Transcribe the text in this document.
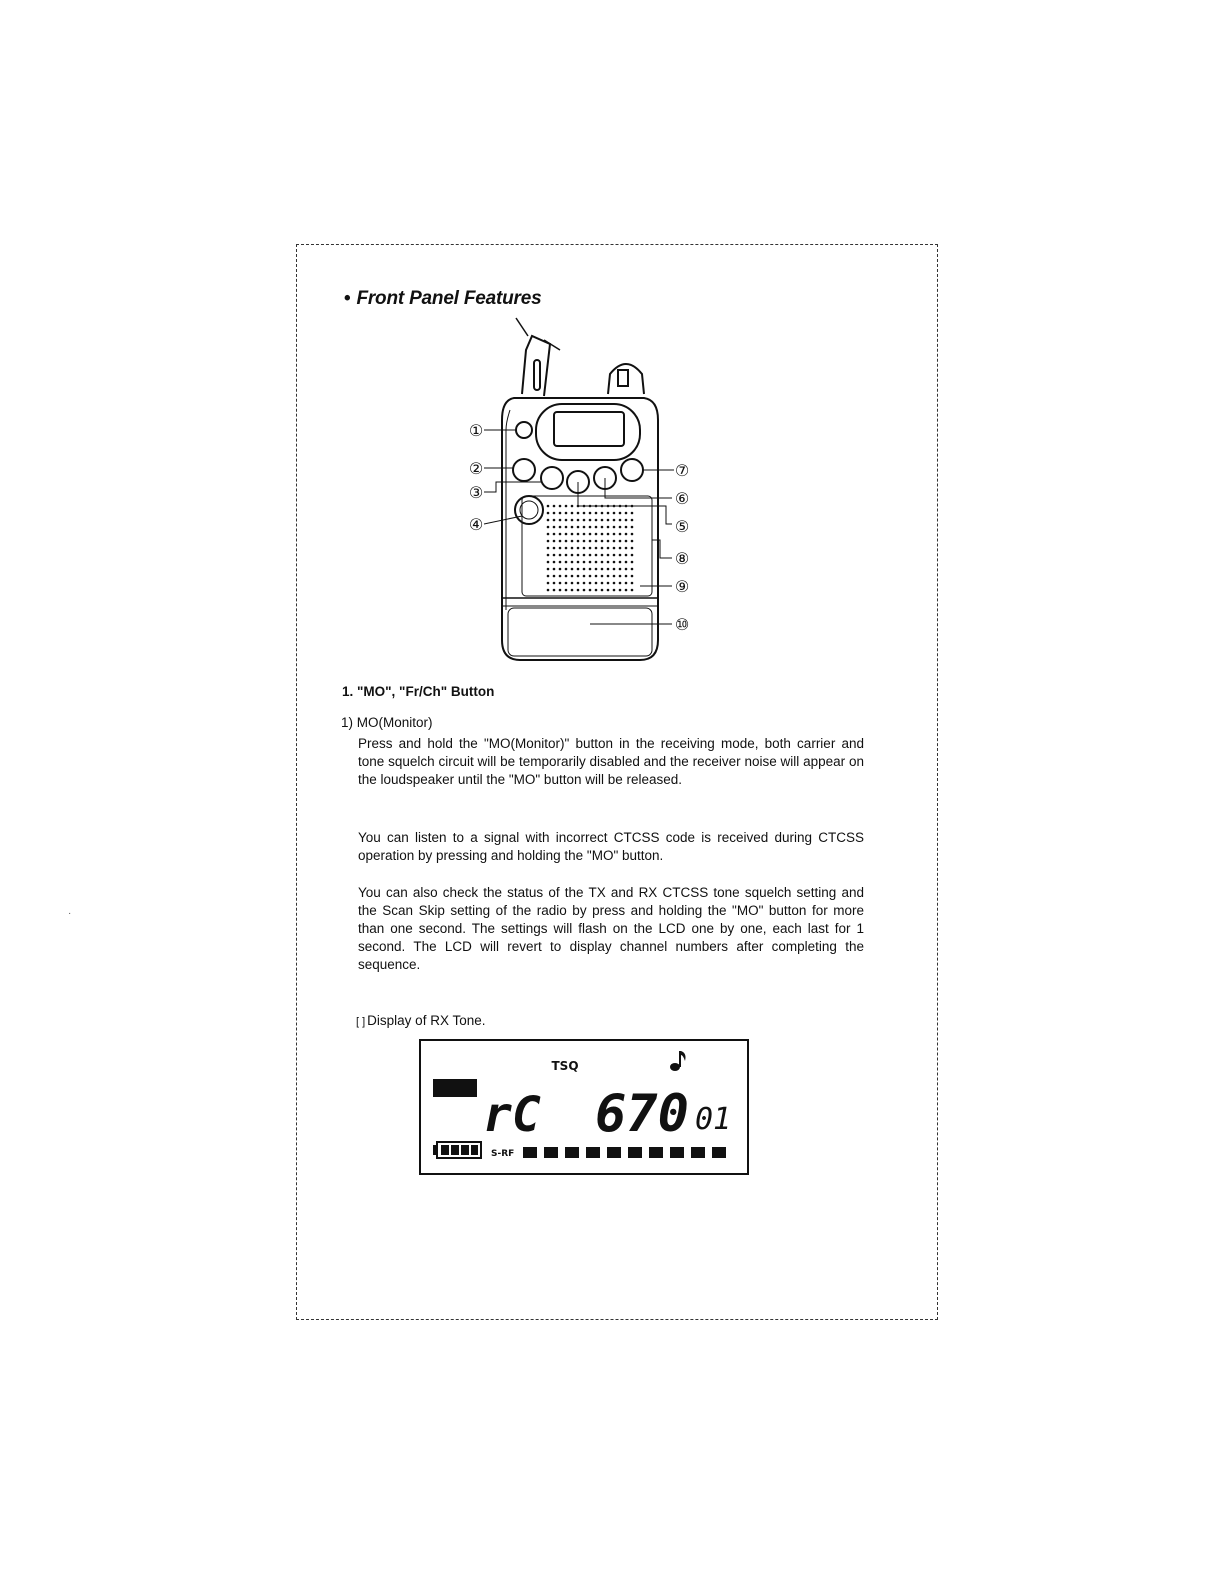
• Front Panel Features
①
②
③
④	⑤
⑥
⑦
⑧
⑨
⑩
1. "MO", "Fr/Ch" Button
1) MO(Monitor)

Press and hold the "MO(Monitor)" button in the receiving mode, both carrier and tone squelch circuit will be temporarily disabled and the receiver noise will appear on the loudspeaker until the "MO" button will be released.

You can listen to a signal with incorrect CTCSS code is received during CTCSS operation by pressing and holding the "MO" button.

You can also check the status of the TX and RX CTCSS tone squelch setting and the Scan Skip setting of the radio by press and holding the "MO" button for more than one second. The settings will flash on the LCD one by one, each last for 1 second. The LCD will revert to display channel numbers after completing the sequence.

[ ] Display of RX Tone.
TSQ
rC 670 01
S-RF
·
